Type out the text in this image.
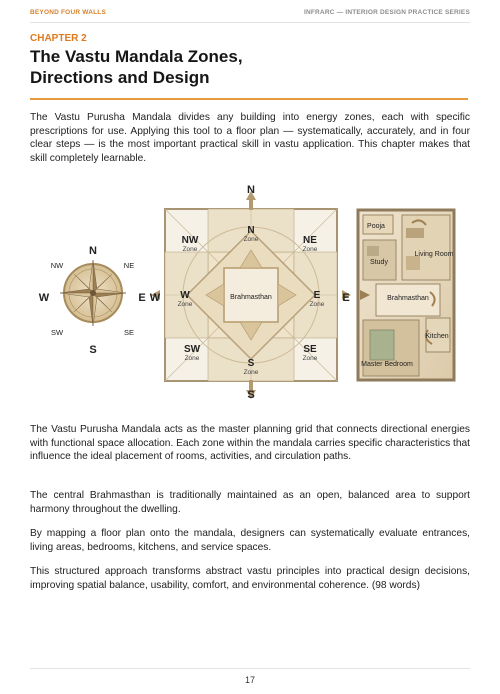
BEYOND FOUR WALLS	INFRARC — INTERIOR DESIGN PRACTICE SERIES
CHAPTER 2
The Vastu Mandala Zones,
Directions and Design

The Vastu Purusha Mandala divides any building into energy zones, each with specific prescriptions for use. Applying this tool to a floor plan — systematically, accurately, and in four clear steps — is the most important practical skill in vastu application. This chapter makes that skill completely learnable.

N
S
W	E
NW	NE
SW	SE
N
S
W	E
NW
Zone
N
Zone	NE
Zone
W
Zone
Brahmasthan	E
Zone
SW
Zone	S
Zone
SE
Zone
Pooja
Study
Living Room
Brahmasthan
Kitchen
Master Bedroom

The Vastu Purusha Mandala acts as the master planning grid that connects directional energies with functional space allocation. Each zone within the mandala carries specific characteristics that influence the ideal placement of rooms, activities, and circulation paths.

The central Brahmasthan is traditionally maintained as an open, balanced area to support harmony throughout the dwelling.

By mapping a floor plan onto the mandala, designers can systematically evaluate entrances, living areas, bedrooms, kitchens, and service spaces.

This structured approach transforms abstract vastu principles into practical design decisions, improving spatial balance, usability, comfort, and environmental coherence. (98 words)

17
